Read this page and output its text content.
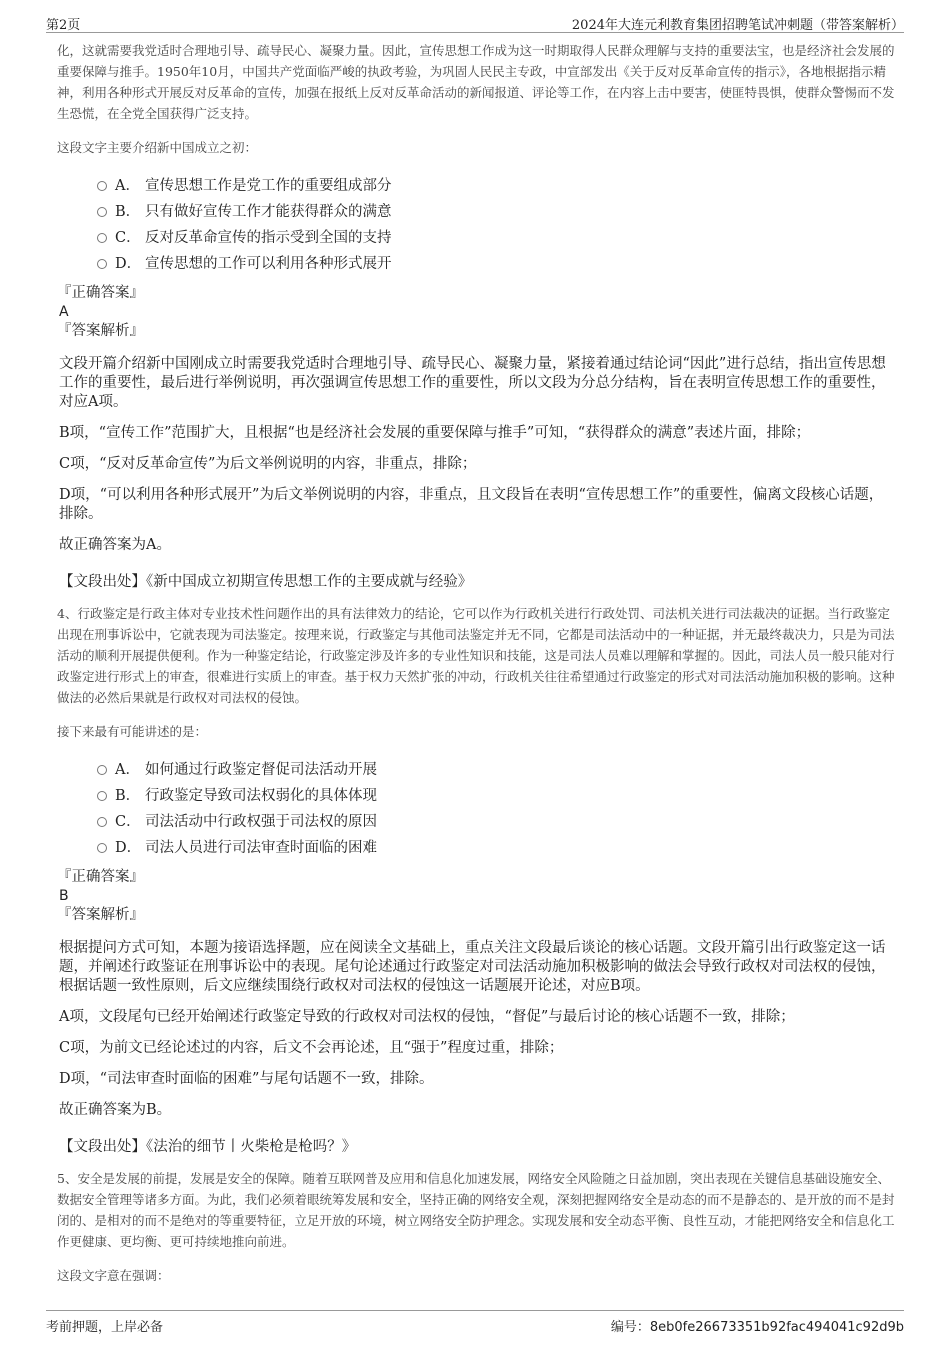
第2页	2024年大连元利教育集团招聘笔试冲刺题（带答案解析）

化，这就需要我党适时合理地引导、疏导民心、凝聚力量。因此，宣传思想工作成为这一时期取得人民群众理解与支持的重要法宝，也是经济社会发展的重要保障与推手。1950年10月，中国共产党面临严峻的执政考验，为巩固人民民主专政，中宣部发出《关于反对反革命宣传的指示》，各地根据指示精神，利用各种形式开展反对反革命的宣传，加强在报纸上反对反革命活动的新闻报道、评论等工作，在内容上击中要害，使匪特畏惧，使群众警惕而不发生恐慌，在全党全国获得广泛支持。

这段文字主要介绍新中国成立之初：

A． 宣传思想工作是党工作的重要组成部分
B． 只有做好宣传工作才能获得群众的满意
C． 反对反革命宣传的指示受到全国的支持
D． 宣传思想的工作可以利用各种形式展开

『正确答案』

A

『答案解析』

文段开篇介绍新中国刚成立时需要我党适时合理地引导、疏导民心、凝聚力量，紧接着通过结论词“因此”进行总结，指出宣传思想工作的重要性，最后进行举例说明，再次强调宣传思想工作的重要性，所以文段为分总分结构，旨在表明宣传思想工作的重要性，对应A项。

B项，“宣传工作”范围扩大，且根据“也是经济社会发展的重要保障与推手”可知，“获得群众的满意”表述片面，排除；

C项，“反对反革命宣传”为后文举例说明的内容，非重点，排除；

D项，“可以利用各种形式展开”为后文举例说明的内容，非重点，且文段旨在表明“宣传思想工作”的重要性，偏离文段核心话题，排除。

故正确答案为A。

【文段出处】《新中国成立初期宣传思想工作的主要成就与经验》

4、行政鉴定是行政主体对专业技术性问题作出的具有法律效力的结论，它可以作为行政机关进行行政处罚、司法机关进行司法裁决的证据。当行政鉴定出现在刑事诉讼中，它就表现为司法鉴定。按理来说，行政鉴定与其他司法鉴定并无不同，它都是司法活动中的一种证据，并无最终裁决力，只是为司法活动的顺利开展提供便利。作为一种鉴定结论，行政鉴定涉及许多的专业性知识和技能，这是司法人员难以理解和掌握的。因此，司法人员一般只能对行政鉴定进行形式上的审查，很难进行实质上的审查。基于权力天然扩张的冲动，行政机关往往希望通过行政鉴定的形式对司法活动施加积极的影响。这种做法的必然后果就是行政权对司法权的侵蚀。

接下来最有可能讲述的是：

A． 如何通过行政鉴定督促司法活动开展
B． 行政鉴定导致司法权弱化的具体体现
C． 司法活动中行政权强于司法权的原因
D． 司法人员进行司法审查时面临的困难

『正确答案』

B

『答案解析』

根据提问方式可知，本题为接语选择题，应在阅读全文基础上，重点关注文段最后谈论的核心话题。文段开篇引出行政鉴定这一话题，并阐述行政鉴证在刑事诉讼中的表现。尾句论述通过行政鉴定对司法活动施加积极影响的做法会导致行政权对司法权的侵蚀，根据话题一致性原则，后文应继续围绕行政权对司法权的侵蚀这一话题展开论述，对应B项。

A项，文段尾句已经开始阐述行政鉴定导致的行政权对司法权的侵蚀，“督促”与最后讨论的核心话题不一致，排除；

C项，为前文已经论述过的内容，后文不会再论述，且“强于”程度过重，排除；

D项，“司法审查时面临的困难”与尾句话题不一致，排除。

故正确答案为B。

【文段出处】《法治的细节丨火柴枪是枪吗？》

5、安全是发展的前提，发展是安全的保障。随着互联网普及应用和信息化加速发展，网络安全风险随之日益加剧，突出表现在关键信息基础设施安全、数据安全管理等诸多方面。为此，我们必须着眼统筹发展和安全，坚持正确的网络安全观，深刻把握网络安全是动态的而不是静态的、是开放的而不是封闭的、是相对的而不是绝对的等重要特征，立足开放的环境，树立网络安全防护理念。实现发展和安全动态平衡、良性互动，才能把网络安全和信息化工作更健康、更均衡、更可持续地推向前进。

这段文字意在强调：

考前押题，上岸必备	编号：8eb0fe26673351b92fac494041c92d9b
